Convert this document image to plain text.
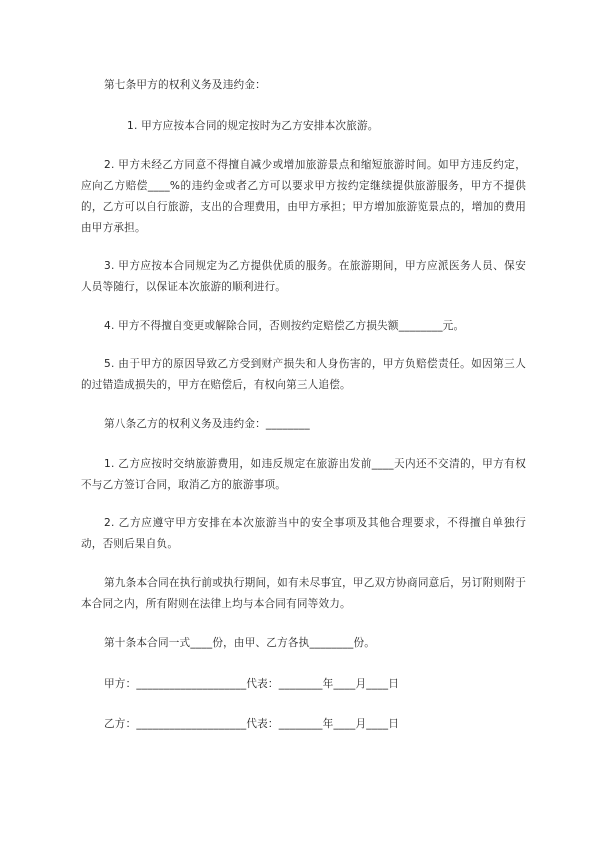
第七条甲方的权利义务及违约金：

1. 甲方应按本合同的规定按时为乙方安排本次旅游。

2. 甲方未经乙方同意不得擅自减少或增加旅游景点和缩短旅游时间。如甲方违反约定，应向乙方赔偿____%的违约金或者乙方可以要求甲方按约定继续提供旅游服务，甲方不提供的，乙方可以自行旅游，支出的合理费用，由甲方承担；甲方增加旅游览景点的，增加的费用由甲方承担。

3. 甲方应按本合同规定为乙方提供优质的服务。在旅游期间，甲方应派医务人员、保安人员等随行，以保证本次旅游的顺利进行。

4. 甲方不得擅自变更或解除合同，否则按约定赔偿乙方损失额________元。

5. 由于甲方的原因导致乙方受到财产损失和人身伤害的，甲方负赔偿责任。如因第三人的过错造成损失的，甲方在赔偿后，有权向第三人追偿。

第八条乙方的权利义务及违约金：________

1. 乙方应按时交纳旅游费用，如违反规定在旅游出发前____天内还不交清的，甲方有权不与乙方签订合同，取消乙方的旅游事项。

2. 乙方应遵守甲方安排在本次旅游当中的安全事项及其他合理要求，不得擅自单独行动，否则后果自负。

第九条本合同在执行前或执行期间，如有未尽事宜，甲乙双方协商同意后，另订附则附于本合同之内，所有附则在法律上均与本合同有同等效力。

第十条本合同一式____份，由甲、乙方各执________份。

甲方：____________________代表：________年____月____日

乙方：____________________代表：________年____月____日
